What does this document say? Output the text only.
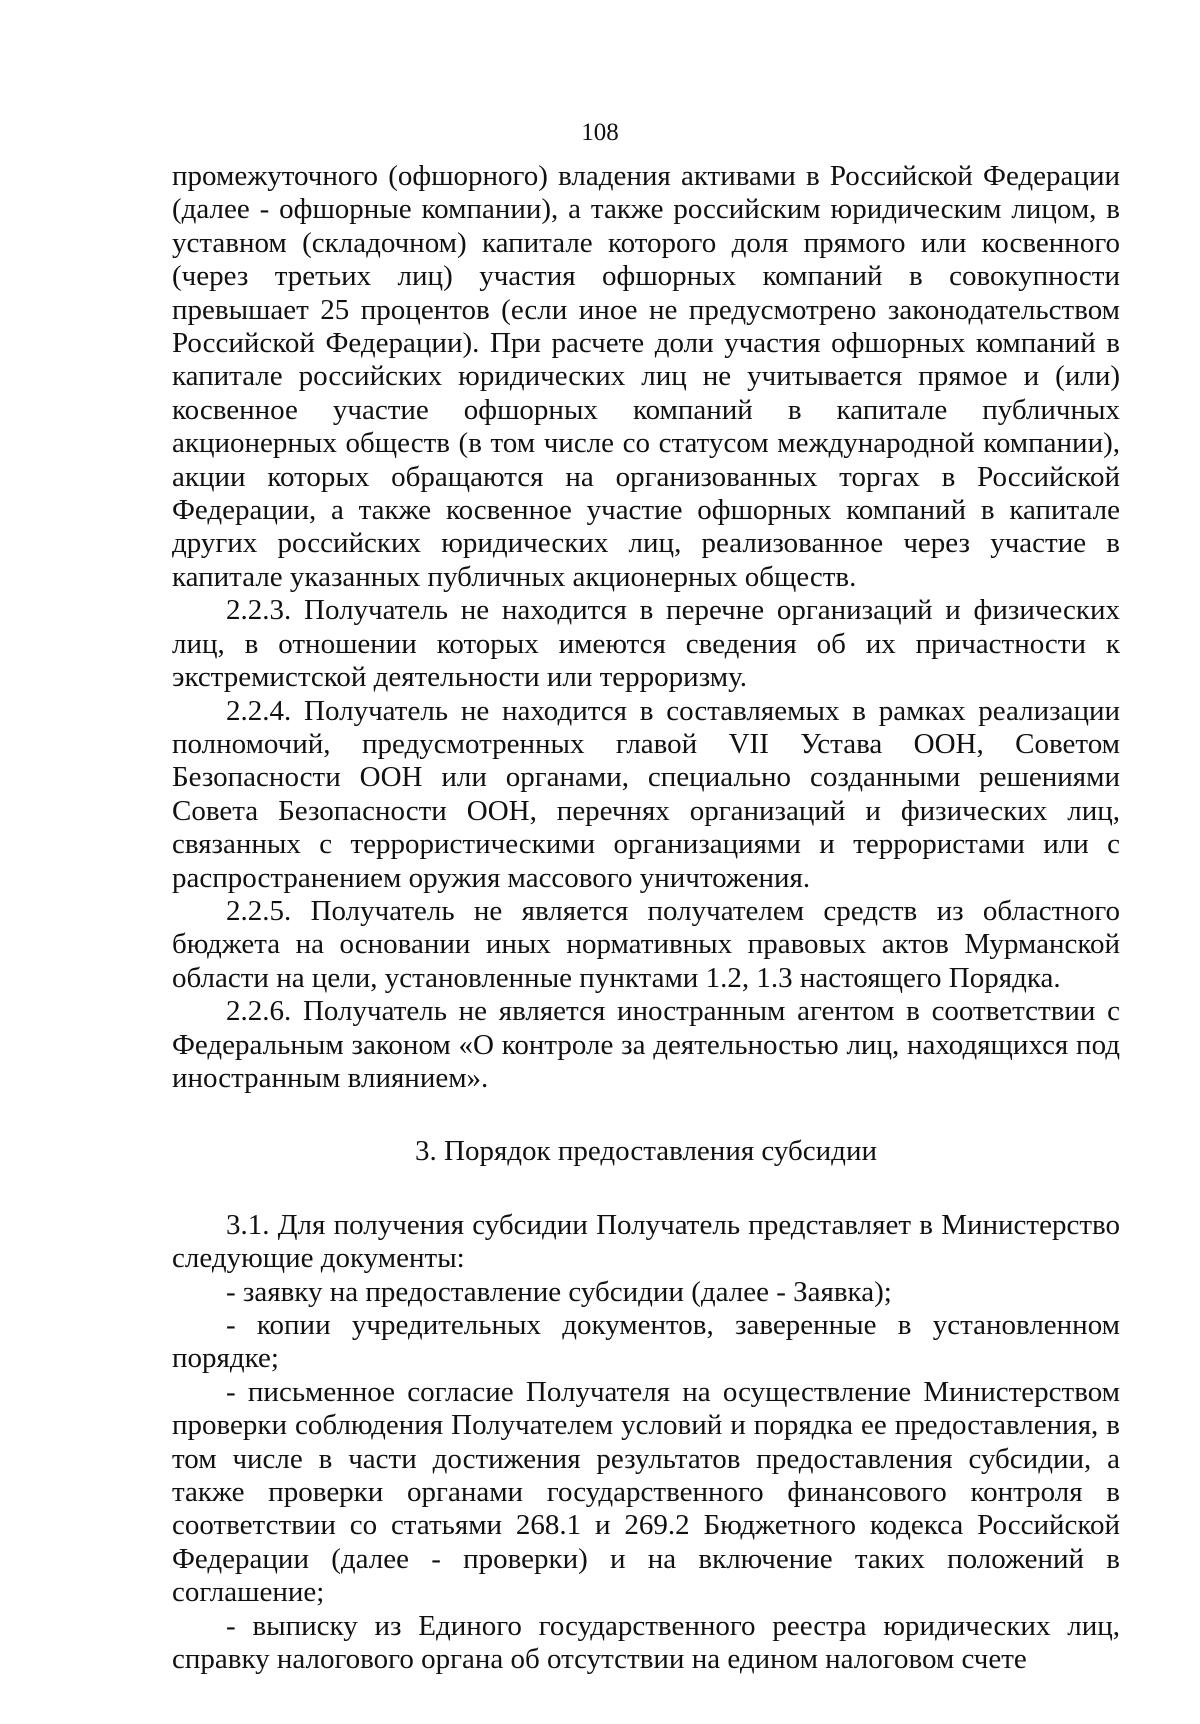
108

промежуточного (офшорного) владения активами в Российской Федерации (далее - офшорные компании), а также российским юридическим лицом, в уставном (складочном) капитале которого доля прямого или косвенного (через третьих лиц) участия офшорных компаний в совокупности превышает 25 процентов (если иное не предусмотрено законодательством Российской Федерации). При расчете доли участия офшорных компаний в капитале российских юридических лиц не учитывается прямое и (или) косвенное участие офшорных компаний в капитале публичных акционерных обществ (в том числе со статусом международной компании), акции которых обращаются на организованных торгах в Российской Федерации, а также косвенное участие офшорных компаний в капитале других российских юридических лиц, реализованное через участие в капитале указанных публичных акционерных обществ.

2.2.3. Получатель не находится в перечне организаций и физических лиц, в отношении которых имеются сведения об их причастности к экстремистской деятельности или терроризму.

2.2.4. Получатель не находится в составляемых в рамках реализации полномочий, предусмотренных главой VII Устава ООН, Советом Безопасности ООН или органами, специально созданными решениями Совета Безопасности ООН, перечнях организаций и физических лиц, связанных с террористическими организациями и террористами или с распространением оружия массового уничтожения.

2.2.5. Получатель не является получателем средств из областного бюджета на основании иных нормативных правовых актов Мурманской области на цели, установленные пунктами 1.2, 1.3 настоящего Порядка.

2.2.6. Получатель не является иностранным агентом в соответствии с Федеральным законом «О контроле за деятельностью лиц, находящихся под иностранным влиянием».

3. Порядок предоставления субсидии

3.1. Для получения субсидии Получатель представляет в Министерство следующие документы:

- заявку на предоставление субсидии (далее - Заявка);

- копии учредительных документов, заверенные в установленном порядке;

- письменное согласие Получателя на осуществление Министерством проверки соблюдения Получателем условий и порядка ее предоставления, в том числе в части достижения результатов предоставления субсидии, а также проверки органами государственного финансового контроля в соответствии со статьями 268.1 и 269.2 Бюджетного кодекса Российской Федерации (далее - проверки) и на включение таких положений в соглашение;

- выписку из Единого государственного реестра юридических лиц, справку налогового органа об отсутствии на едином налоговом счете
